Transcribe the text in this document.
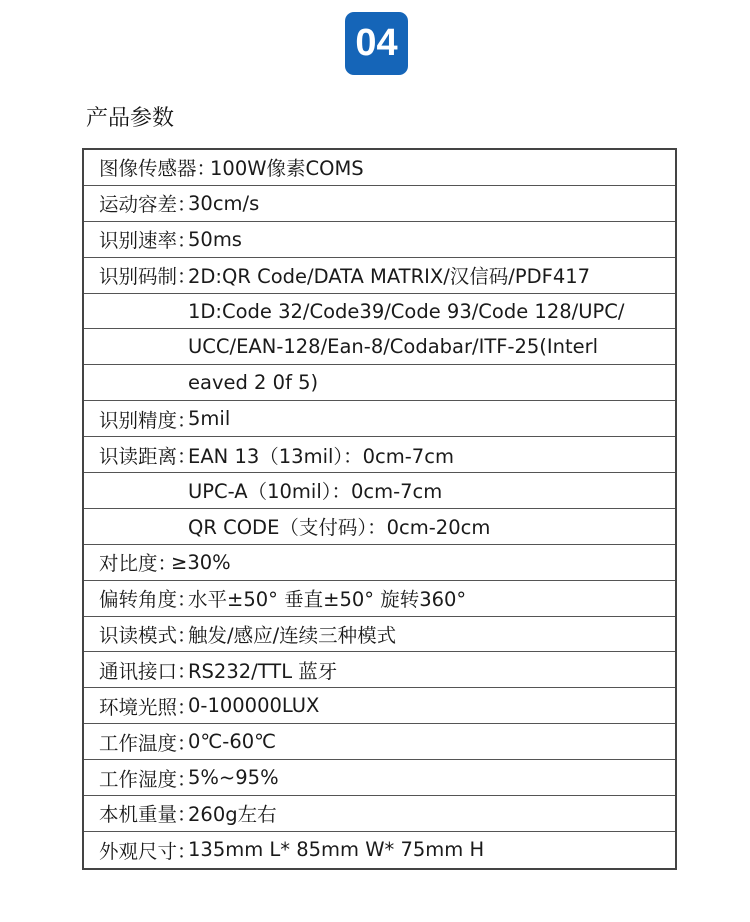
04
产品参数
图像传感器：
100W像素COMS
运动容差：
30cm/s
识别速率：
50ms
识别码制：
2D:QR Code/DATA MATRIX/汉信码/PDF417
1D:Code 32/Code39/Code 93/Code 128/UPC/
UCC/EAN-128/Ean-8/Codabar/ITF-25(Interl
eaved 2 0f 5)
识别精度：
5mil
识读距离：
EAN 13（13mil）：0cm-7cm
UPC-A（10mil）：0cm-7cm
QR CODE（支付码）：0cm-20cm
对比度：
≥30%
偏转角度：
水平±50° 垂直±50° 旋转360°
识读模式：
触发/感应/连续三种模式
通讯接口：
RS232/TTL 蓝牙
环境光照：
0-100000LUX
工作温度：
0℃-60℃
工作湿度：
5%~95%
本机重量：
260g左右
外观尺寸：
135mm L* 85mm W* 75mm H
